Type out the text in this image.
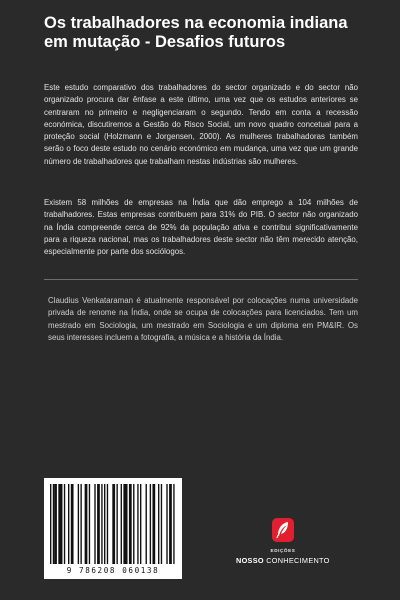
Os trabalhadores na economia indiana em mutação - Desafios futuros

Este estudo comparativo dos trabalhadores do sector organizado e do sector não organizado procura dar ênfase a este último, uma vez que os estudos anteriores se centraram no primeiro e negligenciaram o segundo. Tendo em conta a recessão económica, discutiremos a Gestão do Risco Social, um novo quadro concetual para a proteção social (Holzmann e Jorgensen, 2000). As mulheres trabalhadoras também serão o foco deste estudo no cenário económico em mudança, uma vez que um grande número de trabalhadores que trabalham nestas indústrias são mulheres.

Existem 58 milhões de empresas na Índia que dão emprego a 104 milhões de trabalhadores. Estas empresas contribuem para 31% do PIB. O sector não organizado na Índia compreende cerca de 92% da população ativa e contribui significativamente para a riqueza nacional, mas os trabalhadores deste sector não têm merecido atenção, especialmente por parte dos sociólogos.

Claudius Venkataraman é atualmente responsável por colocações numa universidade privada de renome na Índia, onde se ocupa de colocações para licenciados. Tem um mestrado em Sociologia, um mestrado em Sociologia e um diploma em PM&IR. Os seus interesses incluem a fotografia, a música e a história da Índia.

9 786208 060138
EDIÇÕES
NOSSO CONHECIMENTO
